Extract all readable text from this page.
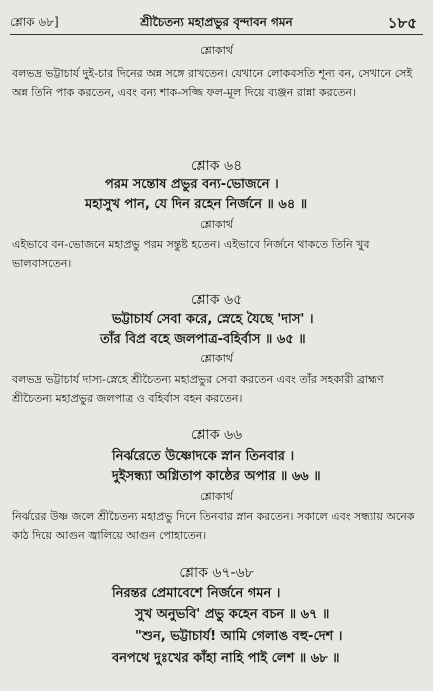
শ্লোক ৬৮]	শ্রীচৈতন্য মহাপ্রভুর বৃন্দাবন গমন	১৮৫
শ্লোকার্থ
বলভদ্র ভট্টাচার্য দুই-চার দিনের অন্ন সঙ্গে রাখতেন। যেখানে লোকবসতি শূন্য বন, সেখানে সেই অন্ন তিনি পাক করতেন, এবং বন্য শাক-সজ্জি ফল-মূল দিয়ে ব্যঞ্জন রান্না করতেন।
শ্লোক ৬৪
পরম সন্তোষ প্রভুর বন্য-ভোজনে ।
মহাসুখ পান, যে দিন রহেন নির্জনে ॥ ৬৪ ॥
শ্লোকার্থ
এইভাবে বন-ভোজনে মহাপ্রভু পরম সন্তুষ্ট হতেন। এইভাবে নির্জনে থাকতে তিনি খুব ভালবাসতেন।
শ্লোক ৬৫
ভট্টাচার্য সেবা করে, স্নেহে যৈছে 'দাস' ।
তাঁর বিপ্র বহে জলপাত্র-বহির্বাস ॥ ৬৫ ॥
শ্লোকার্থ
বলভদ্র ভট্টাচার্য দাস্য-স্নেহে শ্রীচৈতন্য মহাপ্রভুর সেবা করতেন এবং তাঁর সহকারী ব্রাহ্মণ শ্রীচৈতন্য মহাপ্রভুর জলপাত্র ও বহির্বাস বহন করতেন।
শ্লোক ৬৬
নির্ঝরেতে উষ্ণোদকে স্নান তিনবার ।
দুইসন্ধ্যা অগ্নিতাপ কাষ্ঠের অপার ॥ ৬৬ ॥
শ্লোকার্থ
নির্ঝরের উষ্ণ জলে শ্রীচৈতন্য মহাপ্রভু দিনে তিনবার স্নান করতেন। সকালে এবং সন্ধ্যায় অনেক কাঠ দিয়ে আগুন জ্বালিয়ে আগুন পোহাতেন।
শ্লোক ৬৭-৬৮
নিরন্তর প্রেমাবেশে নির্জনে গমন ।
সুখ অনুভবি' প্রভু কহেন বচন ॥ ৬৭ ॥
"শুন, ভট্টাচার্য! আমি গেলাঙ বহু-দেশ ।
বনপথে দুঃখের কাঁহা নাহি পাই লেশ ॥ ৬৮ ॥
